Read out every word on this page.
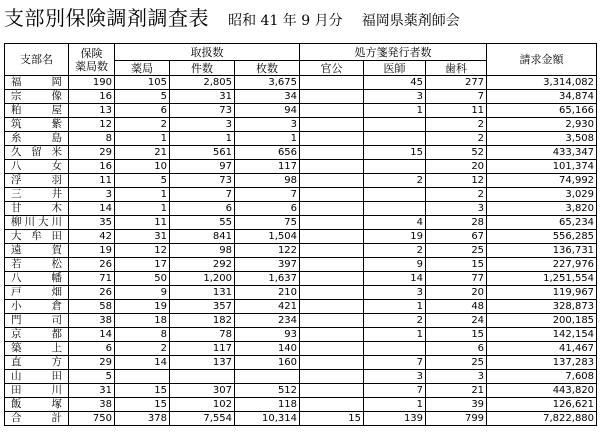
支部別保険調剤調査表 昭和 41 年 9 月分 福岡県薬剤師会
支部名	保険
薬局数	取扱数			処方箋発行者数			請求金額
		薬局	件数	枚数	官公	医師	歯科	
福岡	190	105	2,805	3,675		45	277	3,314,082
宗像	16	5	31	34		3	7	34,874
粕屋	13	6	73	94		1	11	65,166
筑紫	12	2	3	3			2	2,930
糸島	8	1	1	1			2	3,508
久留米	29	21	561	656		15	52	433,347
八女	16	10	97	117			20	101,374
浮羽	11	5	73	98		2	12	74,992
三井	3	1	7	7			2	3,029
甘木	14	1	6	6			3	3,820
柳川大川	35	11	55	75		4	28	65,234
大牟田	42	31	841	1,504		19	67	556,285
遠賀	19	12	98	122		2	25	136,731
若松	26	17	292	397		9	15	227,976
八幡	71	50	1,200	1,637		14	77	1,251,554
戸畑	26	9	131	210		3	20	119,967
小倉	58	19	357	421		1	48	328,873
門司	38	18	182	234		2	24	200,185
京都	14	8	78	93		1	15	142,154
築上	6	2	117	140			6	41,467
直方	29	14	137	160		7	25	137,283
山田	5					3	3	7,608
田川	31	15	307	512		7	21	443,820
飯塚	38	15	102	118		1	39	126,621
合計	750	378	7,554	10,314	15	139	799	7,822,880
